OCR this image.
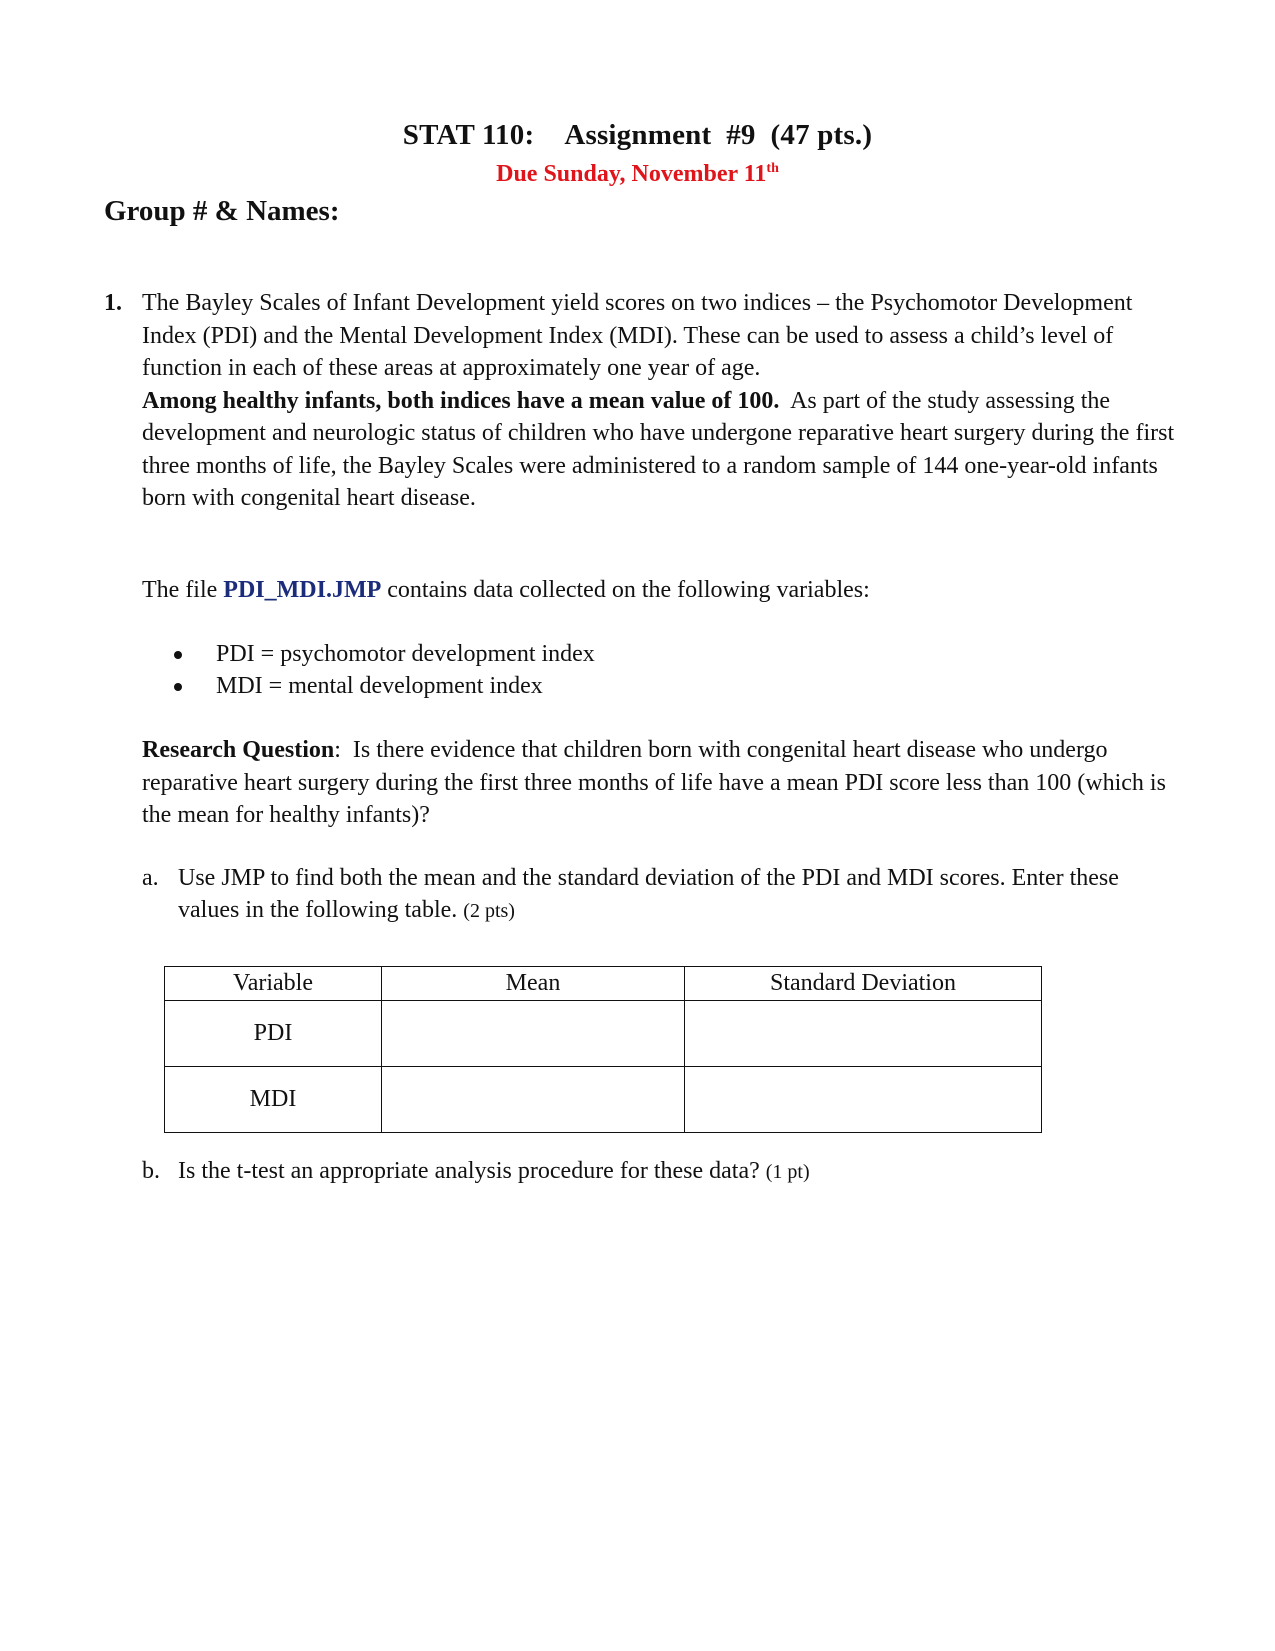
STAT 110: Assignment  #9  (47 pts.)
Due Sunday, November 11th
Group # & Names:
1. The Bayley Scales of Infant Development yield scores on two indices – the Psychomotor Development Index (PDI) and the Mental Development Index (MDI). These can be used to assess a child’s level of function in each of these areas at approximately one year of age.
Among healthy infants, both indices have a mean value of 100. As part of the study assessing the development and neurologic status of children who have undergone reparative heart surgery during the first three months of life, the Bayley Scales were administered to a random sample of 144 one-year-old infants born with congenital heart disease.
The file PDI_MDI.JMP contains data collected on the following variables:
PDI = psychomotor development index
MDI = mental development index
Research Question:  Is there evidence that children born with congenital heart disease who undergo reparative heart surgery during the first three months of life have a mean PDI score less than 100 (which is the mean for healthy infants)?
a. Use JMP to find both the mean and the standard deviation of the PDI and MDI scores. Enter these values in the following table. (2 pts)
Variable	Mean	Standard Deviation
PDI		
MDI		
b. Is the t-test an appropriate analysis procedure for these data? (1 pt)
